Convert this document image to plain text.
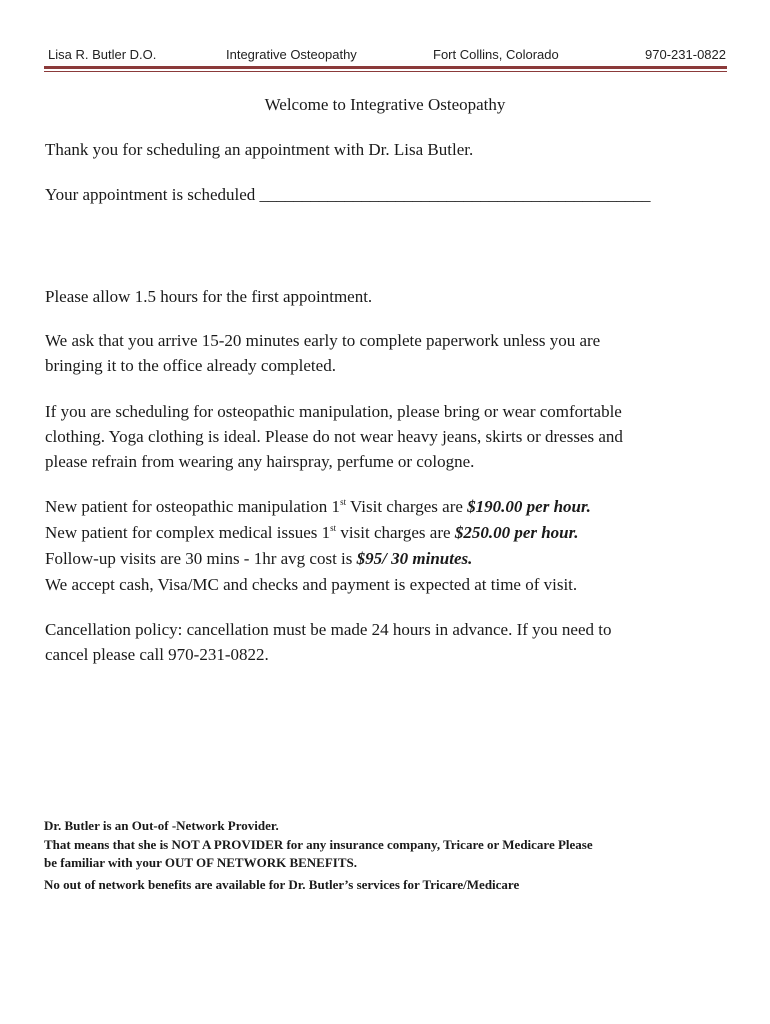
Lisa R. Butler D.O.	Integrative Osteopathy	Fort Collins, Colorado	970-231-0822

Welcome to Integrative Osteopathy

Thank you for scheduling an appointment with Dr. Lisa Butler.

Your appointment is scheduled ______________________________________________

Please allow 1.5 hours for the first appointment.

We ask that you arrive 15-20 minutes early to complete paperwork unless you are

bringing it to the office already completed.

If you are scheduling for osteopathic manipulation, please bring or wear comfortable

clothing. Yoga clothing is ideal. Please do not wear heavy jeans, skirts or dresses and

please refrain from wearing any hairspray, perfume or cologne.

New patient for osteopathic manipulation 1st Visit charges are $190.00 per hour.

New patient for complex medical issues 1st visit charges are $250.00 per hour.

Follow-up visits are 30 mins - 1hr avg cost is $95/ 30 minutes.

We accept cash, Visa/MC and checks and payment is expected at time of visit.

Cancellation policy: cancellation must be made 24 hours in advance. If you need to

cancel please call 970-231-0822.

Dr. Butler is an Out-of -Network Provider.

That means that she is NOT A PROVIDER for any insurance company, Tricare or Medicare Please

be familiar with your OUT OF NETWORK BENEFITS.

No out of network benefits are available for Dr. Butler’s services for Tricare/Medicare
